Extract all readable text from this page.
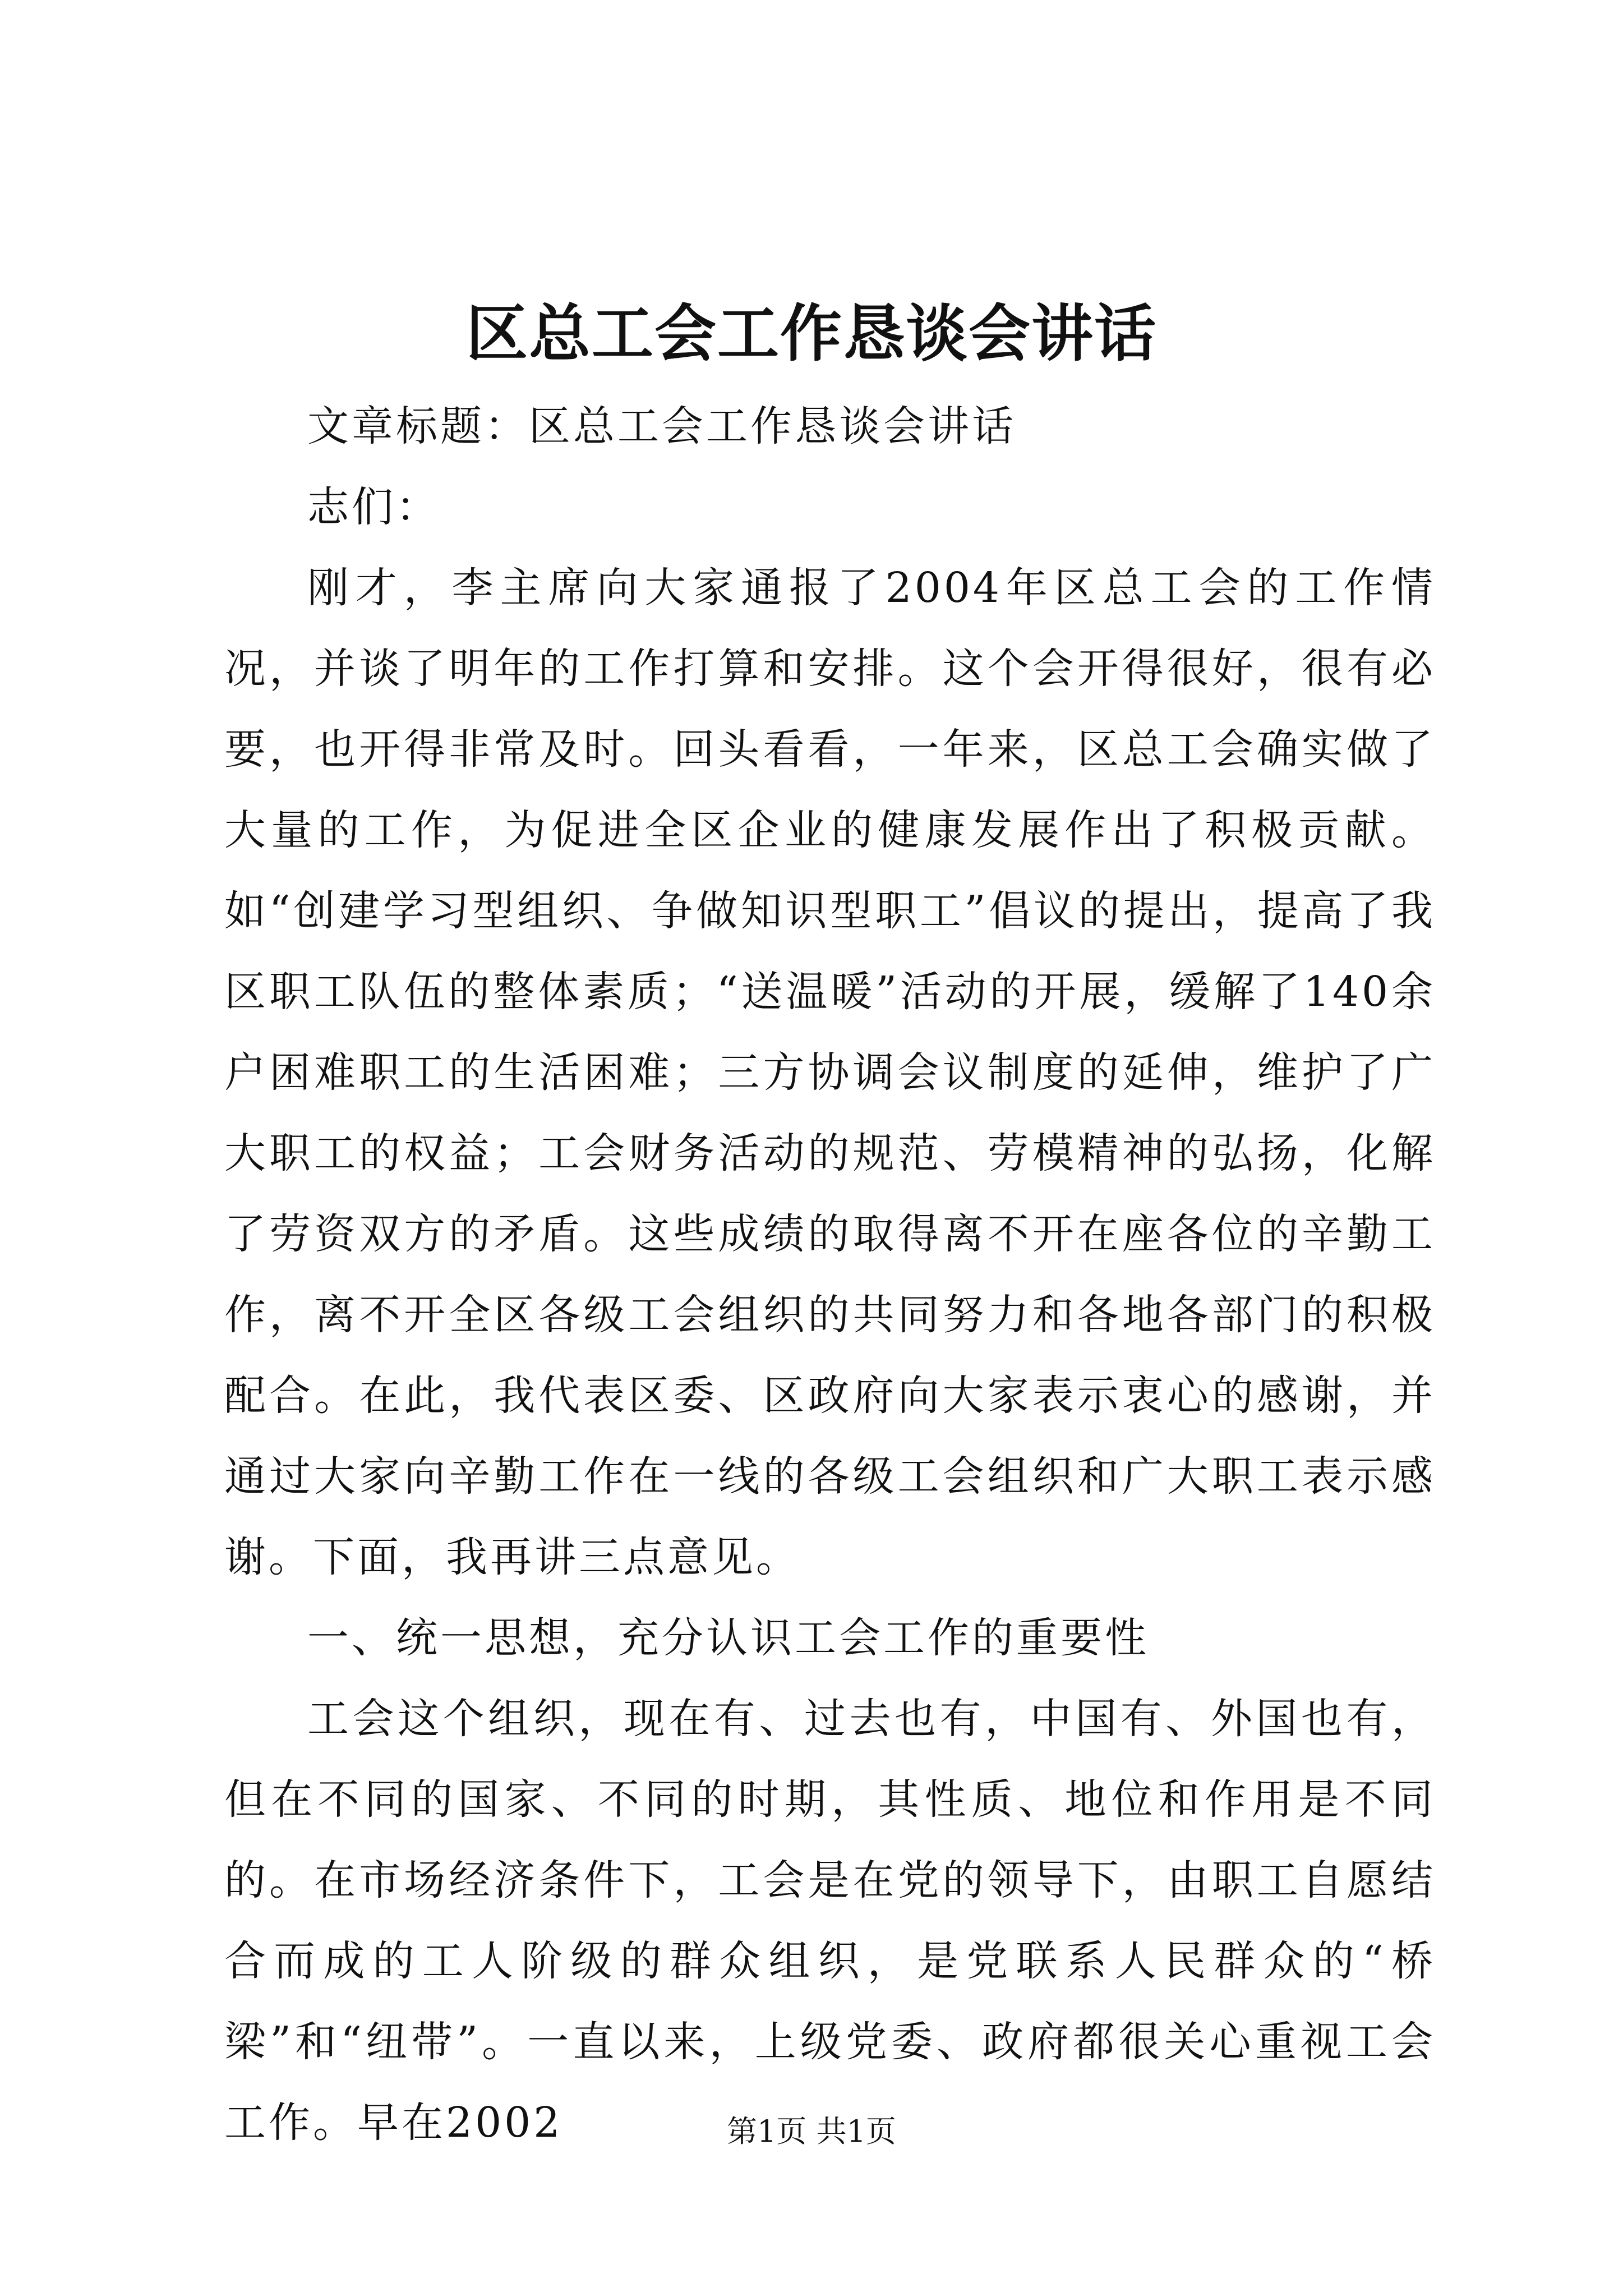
区总工会工作恳谈会讲话

文章标题：区总工会工作恳谈会讲话

志们：

刚才，李主席向大家通报了2004年区总工会的工作情况，并谈了明年的工作打算和安排。这个会开得很好，很有必要，也开得非常及时。回头看看，一年来，区总工会确实做了大量的工作，为促进全区企业的健康发展作出了积极贡献。如“创建学习型组织、争做知识型职工”倡议的提出，提高了我区职工队伍的整体素质；“送温暖”活动的开展，缓解了140余户困难职工的生活困难；三方协调会议制度的延伸，维护了广大职工的权益；工会财务活动的规范、劳模精神的弘扬，化解了劳资双方的矛盾。这些成绩的取得离不开在座各位的辛勤工作，离不开全区各级工会组织的共同努力和各地各部门的积极配合。在此，我代表区委、区政府向大家表示衷心的感谢，并通过大家向辛勤工作在一线的各级工会组织和广大职工表示感谢。下面，我再讲三点意见。

一、统一思想，充分认识工会工作的重要性

工会这个组织，现在有、过去也有，中国有、外国也有，但在不同的国家、不同的时期，其性质、地位和作用是不同的。在市场经济条件下，工会是在党的领导下，由职工自愿结合而成的工人阶级的群众组织，是党联系人民群众的“桥梁”和“纽带”。一直以来，上级党委、政府都很关心重视工会工作。早在2002	第1页 共1页
